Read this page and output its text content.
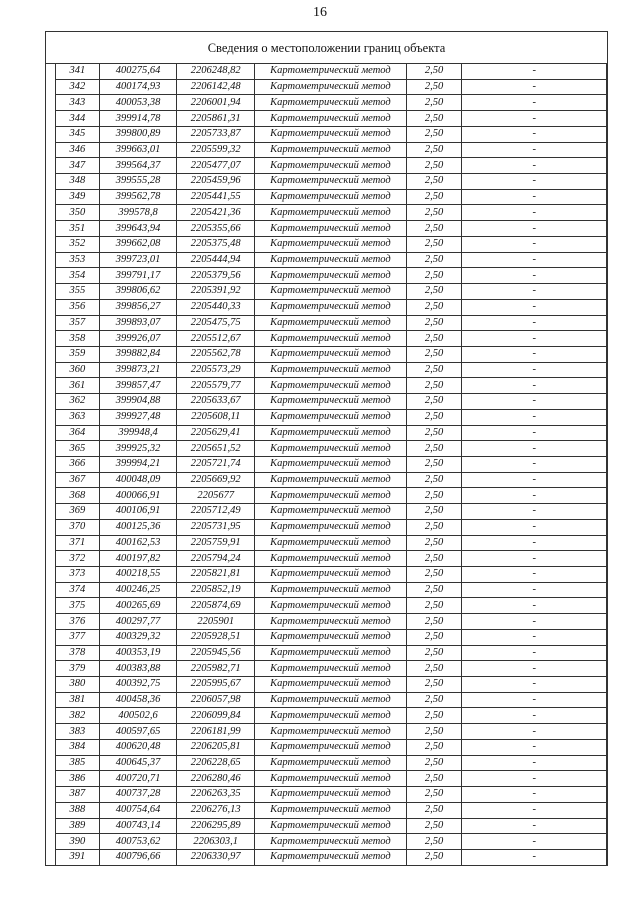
16
Сведения о местоположении границ объекта
341	400275,64	2206248,82	Картометрический метод	2,50	-
342	400174,93	2206142,48	Картометрический метод	2,50	-
343	400053,38	2206001,94	Картометрический метод	2,50	-
344	399914,78	2205861,31	Картометрический метод	2,50	-
345	399800,89	2205733,87	Картометрический метод	2,50	-
346	399663,01	2205599,32	Картометрический метод	2,50	-
347	399564,37	2205477,07	Картометрический метод	2,50	-
348	399555,28	2205459,96	Картометрический метод	2,50	-
349	399562,78	2205441,55	Картометрический метод	2,50	-
350	399578,8	2205421,36	Картометрический метод	2,50	-
351	399643,94	2205355,66	Картометрический метод	2,50	-
352	399662,08	2205375,48	Картометрический метод	2,50	-
353	399723,01	2205444,94	Картометрический метод	2,50	-
354	399791,17	2205379,56	Картометрический метод	2,50	-
355	399806,62	2205391,92	Картометрический метод	2,50	-
356	399856,27	2205440,33	Картометрический метод	2,50	-
357	399893,07	2205475,75	Картометрический метод	2,50	-
358	399926,07	2205512,67	Картометрический метод	2,50	-
359	399882,84	2205562,78	Картометрический метод	2,50	-
360	399873,21	2205573,29	Картометрический метод	2,50	-
361	399857,47	2205579,77	Картометрический метод	2,50	-
362	399904,88	2205633,67	Картометрический метод	2,50	-
363	399927,48	2205608,11	Картометрический метод	2,50	-
364	399948,4	2205629,41	Картометрический метод	2,50	-
365	399925,32	2205651,52	Картометрический метод	2,50	-
366	399994,21	2205721,74	Картометрический метод	2,50	-
367	400048,09	2205669,92	Картометрический метод	2,50	-
368	400066,91	2205677	Картометрический метод	2,50	-
369	400106,91	2205712,49	Картометрический метод	2,50	-
370	400125,36	2205731,95	Картометрический метод	2,50	-
371	400162,53	2205759,91	Картометрический метод	2,50	-
372	400197,82	2205794,24	Картометрический метод	2,50	-
373	400218,55	2205821,81	Картометрический метод	2,50	-
374	400246,25	2205852,19	Картометрический метод	2,50	-
375	400265,69	2205874,69	Картометрический метод	2,50	-
376	400297,77	2205901	Картометрический метод	2,50	-
377	400329,32	2205928,51	Картометрический метод	2,50	-
378	400353,19	2205945,56	Картометрический метод	2,50	-
379	400383,88	2205982,71	Картометрический метод	2,50	-
380	400392,75	2205995,67	Картометрический метод	2,50	-
381	400458,36	2206057,98	Картометрический метод	2,50	-
382	400502,6	2206099,84	Картометрический метод	2,50	-
383	400597,65	2206181,99	Картометрический метод	2,50	-
384	400620,48	2206205,81	Картометрический метод	2,50	-
385	400645,37	2206228,65	Картометрический метод	2,50	-
386	400720,71	2206280,46	Картометрический метод	2,50	-
387	400737,28	2206263,35	Картометрический метод	2,50	-
388	400754,64	2206276,13	Картометрический метод	2,50	-
389	400743,14	2206295,89	Картометрический метод	2,50	-
390	400753,62	2206303,1	Картометрический метод	2,50	-
391	400796,66	2206330,97	Картометрический метод	2,50	-
